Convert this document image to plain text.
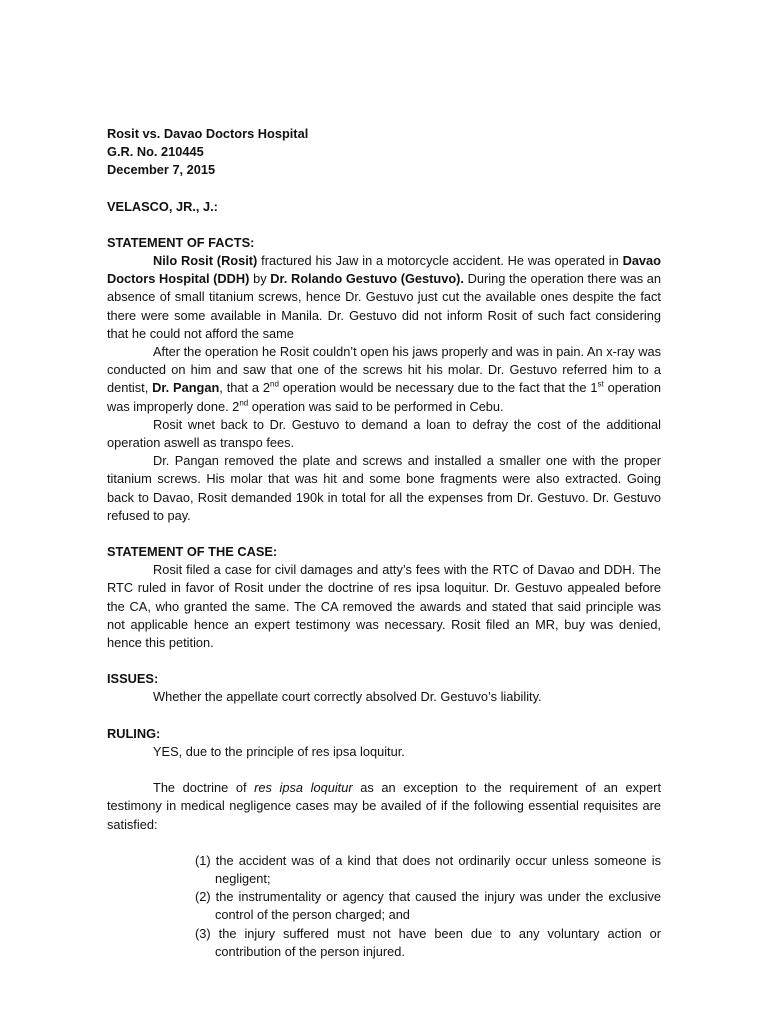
Rosit vs. Davao Doctors Hospital

G.R. No. 210445

December 7, 2015

VELASCO, JR., J.:

STATEMENT OF FACTS:

Nilo Rosit (Rosit) fractured his Jaw in a motorcycle accident. He was operated in Davao Doctors Hospital (DDH) by Dr. Rolando Gestuvo (Gestuvo). During the operation there was an absence of small titanium screws, hence Dr. Gestuvo just cut the available ones despite the fact there were some available in Manila. Dr. Gestuvo did not inform Rosit of such fact considering that he could not afford the same

After the operation he Rosit couldn’t open his jaws properly and was in pain. An x-ray was conducted on him and saw that one of the screws hit his molar. Dr. Gestuvo referred him to a dentist, Dr. Pangan, that a 2nd operation would be necessary due to the fact that the 1st operation was improperly done. 2nd operation was said to be performed in Cebu.

Rosit wnet back to Dr. Gestuvo to demand a loan to defray the cost of the additional operation aswell as transpo fees.

Dr. Pangan removed the plate and screws and installed a smaller one with the proper titanium screws. His molar that was hit and some bone fragments were also extracted. Going back to Davao, Rosit demanded 190k in total for all the expenses from Dr. Gestuvo. Dr. Gestuvo refused to pay.

STATEMENT OF THE CASE:

Rosit filed a case for civil damages and atty’s fees with the RTC of Davao and DDH. The RTC ruled in favor of Rosit under the doctrine of res ipsa loquitur. Dr. Gestuvo appealed before the CA, who granted the same. The CA removed the awards and stated that said principle was not applicable hence an expert testimony was necessary. Rosit filed an MR, buy was denied, hence this petition.

ISSUES:

Whether the appellate court correctly absolved Dr. Gestuvo’s liability.

RULING:

YES, due to the principle of res ipsa loquitur.

The doctrine of res ipsa loquitur as an exception to the requirement of an expert testimony in medical negligence cases may be availed of if the following essential requisites are satisfied:

(1) the accident was of a kind that does not ordinarily occur unless someone is negligent;

(2) the instrumentality or agency that caused the injury was under the exclusive control of the person charged; and

(3) the injury suffered must not have been due to any voluntary action or contribution of the person injured.
